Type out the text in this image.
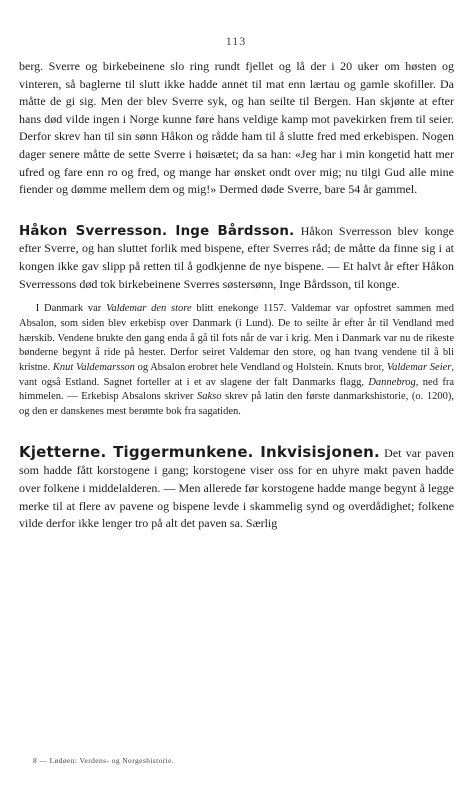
113

berg. Sverre og birkebeinene slo ring rundt fjellet og lå der i 20 uker om høsten og vinteren, så baglerne til slutt ikke hadde annet til mat enn lærtau og gamle skofiller. Da måtte de gi sig. Men der blev Sverre syk, og han seilte til Bergen. Han skjønte at efter hans død vilde ingen i Norge kunne føre hans veldige kamp mot pavekirken frem til seier. Derfor skrev han til sin sønn Håkon og rådde ham til å slutte fred med erkebispen. Nogen dager senere måtte de sette Sverre i høisætet; da sa han: «Jeg har i min kongetid hatt mer ufred og fare enn ro og fred, og mange har ønsket ondt over mig; nu tilgi Gud alle mine fiender og dømme mellem dem og mig!» Dermed døde Sverre, bare 54 år gammel.

Håkon Sverresson. Inge Bårdsson. Håkon Sverresson blev konge efter Sverre, og han sluttet forlik med bispene, efter Sverres råd; de måtte da finne sig i at kongen ikke gav slipp på retten til å godkjenne de nye bispene. — Et halvt år efter Håkon Sverressons død tok birkebeinene Sverres søstersønn, Inge Bårdsson, til konge.

I Danmark var Valdemar den store blitt enekonge 1157. Valdemar var opfostret sammen med Absalon, som siden blev erkebisp over Danmark (i Lund). De to seilte år efter år til Vendland med hærskib. Vendene brukte den gang enda å gå til fots når de var i krig. Men i Danmark var nu de rikeste bønderne begynt å ride på hester. Derfor seiret Valdemar den store, og han tvang vendene til å bli kristne. Knut Valdemarsson og Absalon erobret hele Vendland og Holstein. Knuts bror, Valdemar Seier, vant også Estland. Sagnet forteller at i et av slagene der falt Danmarks flagg, Dannebrog, ned fra himmelen. — Erkebisp Absalons skriver Sakso skrev på latin den første danmarkshistorie, (o. 1200), og den er danskenes mest berømte bok fra sagatiden.

Kjetterne. Tiggermunkene. Inkvisisjonen. Det var paven som hadde fått korstogene i gang; korstogene viser oss for en uhyre makt paven hadde over folkene i middelalderen. — Men allerede før korstogene hadde mange begynt å legge merke til at flere av pavene og bispene levde i skammelig synd og overdådighet; folkene vilde derfor ikke lenger tro på alt det paven sa. Særlig

8 — Lødøen: Verdens- og Norgeshistorie.
